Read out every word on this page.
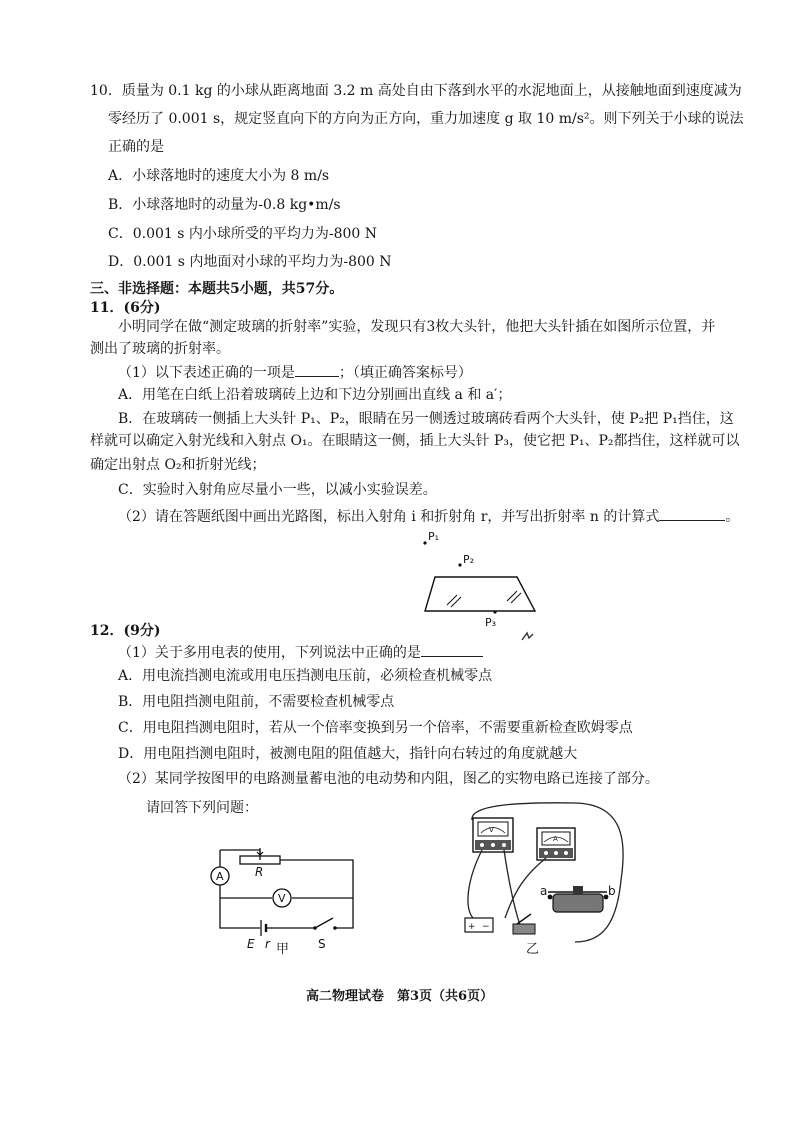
10．质量为 0.1 kg 的小球从距离地面 3.2 m 高处自由下落到水平的水泥地面上，从接触地面到速度减为
零经历了 0.001 s，规定竖直向下的方向为正方向，重力加速度 g 取 10 m/s²。则下列关于小球的说法
正确的是
A．小球落地时的速度大小为 8 m/s
B．小球落地时的动量为-0.8 kg•m/s
C．0.001 s 内小球所受的平均力为-800 N
D．0.001 s 内地面对小球的平均力为-800 N
三、非选择题：本题共5小题，共57分。
11．(6分)
小明同学在做“测定玻璃的折射率”实验，发现只有3枚大头针，他把大头针插在如图所示位置，并
测出了玻璃的折射率。
（1）以下表述正确的一项是	；（填正确答案标号）
A．用笔在白纸上沿着玻璃砖上边和下边分别画出直线 a 和 a′；
B．在玻璃砖一侧插上大头针 P₁、P₂，眼睛在另一侧透过玻璃砖看两个大头针，使 P₂把 P₁挡住，这
样就可以确定入射光线和入射点 O₁。在眼睛这一侧，插上大头针 P₃，使它把 P₁、P₂都挡住，这样就可以
确定出射点 O₂和折射光线；
C．实验时入射角应尽量小一些，以减小实验误差。
（2）请在答题纸图中画出光路图，标出入射角 i 和折射角 r，并写出折射率 n 的计算式	。
P₁
P₂
P₃
12．(9分)
（1）关于多用电表的使用，下列说法中正确的是
A．用电流挡测电流或用电压挡测电压前，必须检查机械零点
B．用电阻挡测电阻前，不需要检查机械零点
C．用电阻挡测电阻时，若从一个倍率变换到另一个倍率，不需要重新检查欧姆零点
D．用电阻挡测电阻时，被测电阻的阻值越大，指针向右转过的角度就越大
（2）某同学按图甲的电路测量蓄电池的电动势和内阻，图乙的实物电路已连接了部分。
请回答下列问题：
R
A
V
E r	S
甲
V
A
a	b
+ −
乙
高二物理试卷　第3页（共6页）
